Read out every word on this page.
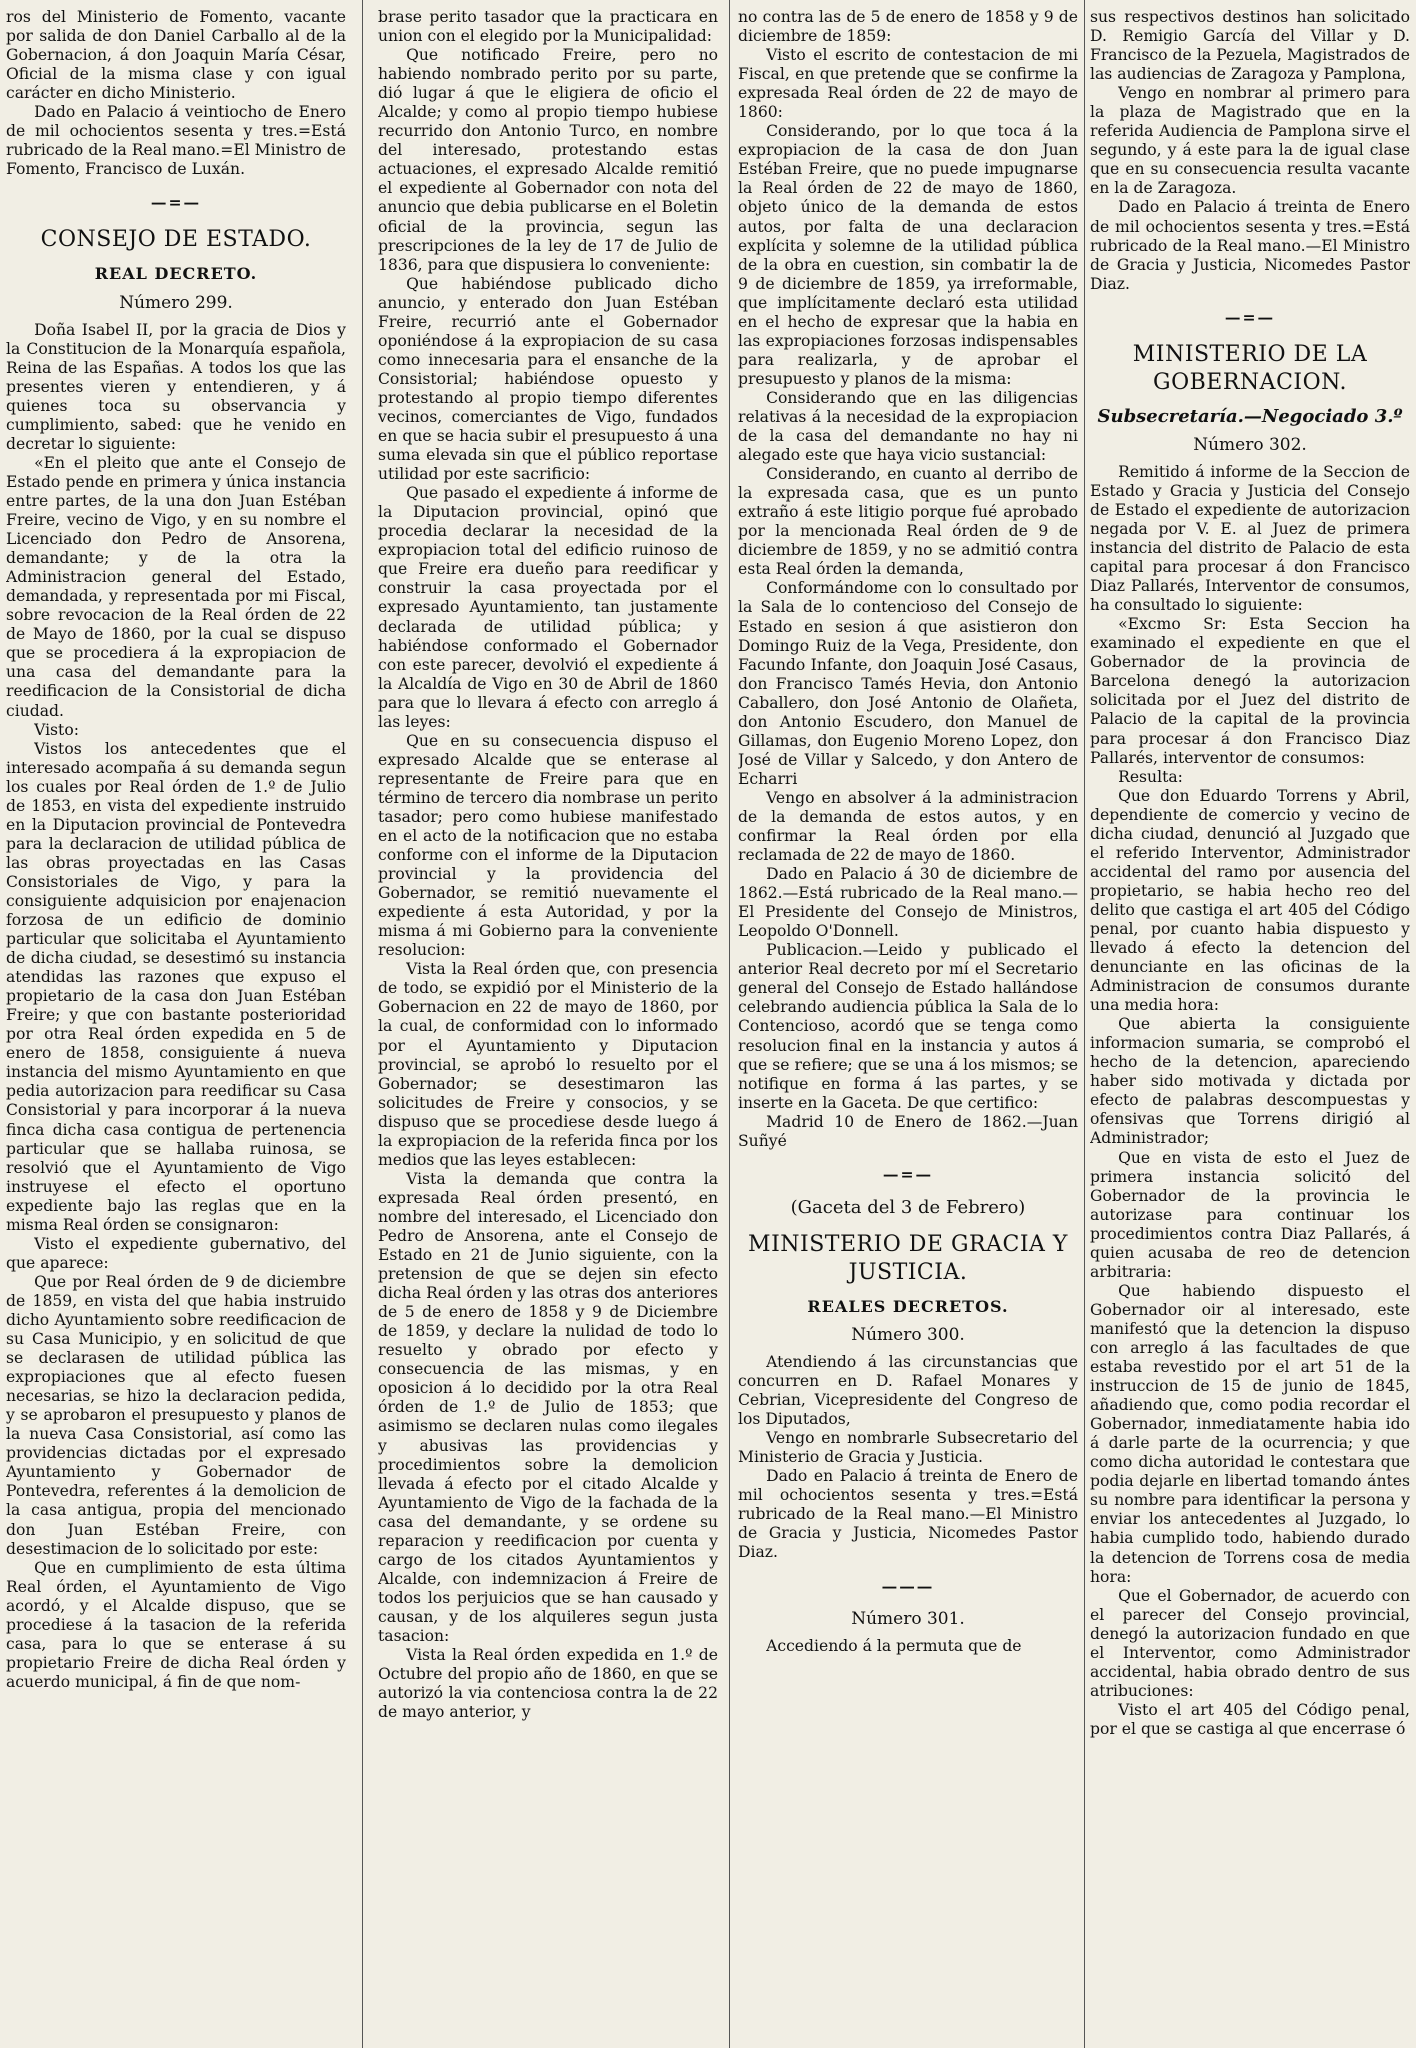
ros del Ministerio de Fomento, vacante por salida de don Daniel Carballo al de la Gobernacion, á don Joaquin María César, Oficial de la misma clase y con igual carácter en dicho Ministerio.

Dado en Palacio á veintiocho de Enero de mil ochocientos sesenta y tres.=Está rubricado de la Real mano.=El Ministro de Fomento, Francisco de Luxán.

—=—
CONSEJO DE ESTADO.
REAL DECRETO.
Número 299.

Doña Isabel II, por la gracia de Dios y la Constitucion de la Monarquía española, Reina de las Españas. A todos los que las presentes vieren y entendieren, y á quienes toca su observancia y cumplimiento, sabed: que he venido en decretar lo siguiente:

«En el pleito que ante el Consejo de Estado pende en primera y única instancia entre partes, de la una don Juan Estéban Freire, vecino de Vigo, y en su nombre el Licenciado don Pedro de Ansorena, demandante; y de la otra la Administracion general del Estado, demandada, y representada por mi Fiscal, sobre revocacion de la Real órden de 22 de Mayo de 1860, por la cual se dispuso que se procediera á la expropiacion de una casa del demandante para la reedificacion de la Consistorial de dicha ciudad.

Visto:

Vistos los antecedentes que el interesado acompaña á su demanda segun los cuales por Real órden de 1.º de Julio de 1853, en vista del expediente instruido en la Diputacion provincial de Pontevedra para la declaracion de utilidad pública de las obras proyectadas en las Casas Consistoriales de Vigo, y para la consiguiente adquisicion por enajenacion forzosa de un edificio de dominio particular que solicitaba el Ayuntamiento de dicha ciudad, se desestimó su instancia atendidas las razones que expuso el propietario de la casa don Juan Estéban Freire; y que con bastante posterioridad por otra Real órden expedida en 5 de enero de 1858, consiguiente á nueva instancia del mismo Ayuntamiento en que pedia autorizacion para reedificar su Casa Consistorial y para incorporar á la nueva finca dicha casa contigua de pertenencia particular que se hallaba ruinosa, se resolvió que el Ayuntamiento de Vigo instruyese el efecto el oportuno expediente bajo las reglas que en la misma Real órden se consignaron:

Visto el expediente gubernativo, del que aparece:

Que por Real órden de 9 de diciembre de 1859, en vista del que habia instruido dicho Ayuntamiento sobre reedificacion de su Casa Municipio, y en solicitud de que se declarasen de utilidad pública las expropiaciones que al efecto fuesen necesarias, se hizo la declaracion pedida, y se aprobaron el presupuesto y planos de la nueva Casa Consistorial, así como las providencias dictadas por el expresado Ayuntamiento y Gobernador de Pontevedra, referentes á la demolicion de la casa antigua, propia del mencionado don Juan Estéban Freire, con desestimacion de lo solicitado por este:

Que en cumplimiento de esta última Real órden, el Ayuntamiento de Vigo acordó, y el Alcalde dispuso, que se procediese á la tasacion de la referida casa, para lo que se enterase á su propietario Freire de dicha Real órden y acuerdo municipal, á fin de que nom-

brase perito tasador que la practicara en union con el elegido por la Municipalidad:

Que notificado Freire, pero no habiendo nombrado perito por su parte, dió lugar á que le eligiera de oficio el Alcalde; y como al propio tiempo hubiese recurrido don Antonio Turco, en nombre del interesado, protestando estas actuaciones, el expresado Alcalde remitió el expediente al Gobernador con nota del anuncio que debia publicarse en el Boletin oficial de la provincia, segun las prescripciones de la ley de 17 de Julio de 1836, para que dispusiera lo conveniente:

Que habiéndose publicado dicho anuncio, y enterado don Juan Estéban Freire, recurrió ante el Gobernador oponiéndose á la expropiacion de su casa como innecesaria para el ensanche de la Consistorial; habiéndose opuesto y protestando al propio tiempo diferentes vecinos, comerciantes de Vigo, fundados en que se hacia subir el presupuesto á una suma elevada sin que el público reportase utilidad por este sacrificio:

Que pasado el expediente á informe de la Diputacion provincial, opinó que procedia declarar la necesidad de la expropiacion total del edificio ruinoso de que Freire era dueño para reedificar y construir la casa proyectada por el expresado Ayuntamiento, tan justamente declarada de utilidad pública; y habiéndose conformado el Gobernador con este parecer, devolvió el expediente á la Alcaldía de Vigo en 30 de Abril de 1860 para que lo llevara á efecto con arreglo á las leyes:

Que en su consecuencia dispuso el expresado Alcalde que se enterase al representante de Freire para que en término de tercero dia nombrase un perito tasador; pero como hubiese manifestado en el acto de la notificacion que no estaba conforme con el informe de la Diputacion provincial y la providencia del Gobernador, se remitió nuevamente el expediente á esta Autoridad, y por la misma á mi Gobierno para la conveniente resolucion:

Vista la Real órden que, con presencia de todo, se expidió por el Ministerio de la Gobernacion en 22 de mayo de 1860, por la cual, de conformidad con lo informado por el Ayuntamiento y Diputacion provincial, se aprobó lo resuelto por el Gobernador; se desestimaron las solicitudes de Freire y consocios, y se dispuso que se procediese desde luego á la expropiacion de la referida finca por los medios que las leyes establecen:

Vista la demanda que contra la expresada Real órden presentó, en nombre del interesado, el Licenciado don Pedro de Ansorena, ante el Consejo de Estado en 21 de Junio siguiente, con la pretension de que se dejen sin efecto dicha Real órden y las otras dos anteriores de 5 de enero de 1858 y 9 de Diciembre de 1859, y declare la nulidad de todo lo resuelto y obrado por efecto y consecuencia de las mismas, y en oposicion á lo decidido por la otra Real órden de 1.º de Julio de 1853; que asimismo se declaren nulas como ilegales y abusivas las providencias y procedimientos sobre la demolicion llevada á efecto por el citado Alcalde y Ayuntamiento de Vigo de la fachada de la casa del demandante, y se ordene su reparacion y reedificacion por cuenta y cargo de los citados Ayuntamientos y Alcalde, con indemnizacion á Freire de todos los perjuicios que se han causado y causan, y de los alquileres segun justa tasacion:

Vista la Real órden expedida en 1.º de Octubre del propio año de 1860, en que se autorizó la via contenciosa contra la de 22 de mayo anterior, y

no contra las de 5 de enero de 1858 y 9 de diciembre de 1859:

Visto el escrito de contestacion de mi Fiscal, en que pretende que se confirme la expresada Real órden de 22 de mayo de 1860:

Considerando, por lo que toca á la expropiacion de la casa de don Juan Estéban Freire, que no puede impugnarse la Real órden de 22 de mayo de 1860, objeto único de la demanda de estos autos, por falta de una declaracion explícita y solemne de la utilidad pública de la obra en cuestion, sin combatir la de 9 de diciembre de 1859, ya irreformable, que implícitamente declaró esta utilidad en el hecho de expresar que la habia en las expropiaciones forzosas indispensables para realizarla, y de aprobar el presupuesto y planos de la misma:

Considerando que en las diligencias relativas á la necesidad de la expropiacion de la casa del demandante no hay ni alegado este que haya vicio sustancial:

Considerando, en cuanto al derribo de la expresada casa, que es un punto extraño á este litigio porque fué aprobado por la mencionada Real órden de 9 de diciembre de 1859, y no se admitió contra esta Real órden la demanda,

Conformándome con lo consultado por la Sala de lo contencioso del Consejo de Estado en sesion á que asistieron don Domingo Ruiz de la Vega, Presidente, don Facundo Infante, don Joaquin José Casaus, don Francisco Tamés Hevia, don Antonio Caballero, don José Antonio de Olañeta, don Antonio Escudero, don Manuel de Gillamas, don Eugenio Moreno Lopez, don José de Villar y Salcedo, y don Antero de Echarri

Vengo en absolver á la administracion de la demanda de estos autos, y en confirmar la Real órden por ella reclamada de 22 de mayo de 1860.

Dado en Palacio á 30 de diciembre de 1862.—Está rubricado de la Real mano.—El Presidente del Consejo de Ministros, Leopoldo O'Donnell.

Publicacion.—Leido y publicado el anterior Real decreto por mí el Secretario general del Consejo de Estado hallándose celebrando audiencia pública la Sala de lo Contencioso, acordó que se tenga como resolucion final en la instancia y autos á que se refiere; que se una á los mismos; se notifique en forma á las partes, y se inserte en la Gaceta. De que certifico:

Madrid 10 de Enero de 1862.—Juan Suñyé

—=—
(Gaceta del 3 de Febrero)
MINISTERIO DE GRACIA Y JUSTICIA.
REALES DECRETOS.
Número 300.

Atendiendo á las circunstancias que concurren en D. Rafael Monares y Cebrian, Vicepresidente del Congreso de los Diputados,

Vengo en nombrarle Subsecretario del Ministerio de Gracia y Justicia.

Dado en Palacio á treinta de Enero de mil ochocientos sesenta y tres.=Está rubricado de la Real mano.—El Ministro de Gracia y Justicia, Nicomedes Pastor Diaz.

———
Número 301.

Accediendo á la permuta que de

sus respectivos destinos han solicitado D. Remigio García del Villar y D. Francisco de la Pezuela, Magistrados de las audiencias de Zaragoza y Pamplona,

Vengo en nombrar al primero para la plaza de Magistrado que en la referida Audiencia de Pamplona sirve el segundo, y á este para la de igual clase que en su consecuencia resulta vacante en la de Zaragoza.

Dado en Palacio á treinta de Enero de mil ochocientos sesenta y tres.=Está rubricado de la Real mano.—El Ministro de Gracia y Justicia, Nicomedes Pastor Diaz.

—=—
MINISTERIO DE LA GOBERNACION.
Subsecretaría.—Negociado 3.º
Número 302.

Remitido á informe de la Seccion de Estado y Gracia y Justicia del Consejo de Estado el expediente de autorizacion negada por V. E. al Juez de primera instancia del distrito de Palacio de esta capital para procesar á don Francisco Diaz Pallarés, Interventor de consumos, ha consultado lo siguiente:

«Excmo Sr: Esta Seccion ha examinado el expediente en que el Gobernador de la provincia de Barcelona denegó la autorizacion solicitada por el Juez del distrito de Palacio de la capital de la provincia para procesar á don Francisco Diaz Pallarés, interventor de consumos:

Resulta:

Que don Eduardo Torrens y Abril, dependiente de comercio y vecino de dicha ciudad, denunció al Juzgado que el referido Interventor, Administrador accidental del ramo por ausencia del propietario, se habia hecho reo del delito que castiga el art 405 del Código penal, por cuanto habia dispuesto y llevado á efecto la detencion del denunciante en las oficinas de la Administracion de consumos durante una media hora:

Que abierta la consiguiente informacion sumaria, se comprobó el hecho de la detencion, apareciendo haber sido motivada y dictada por efecto de palabras descompuestas y ofensivas que Torrens dirigió al Administrador;

Que en vista de esto el Juez de primera instancia solicitó del Gobernador de la provincia le autorizase para continuar los procedimientos contra Diaz Pallarés, á quien acusaba de reo de detencion arbitraria:

Que habiendo dispuesto el Gobernador oir al interesado, este manifestó que la detencion la dispuso con arreglo á las facultades de que estaba revestido por el art 51 de la instruccion de 15 de junio de 1845, añadiendo que, como podia recordar el Gobernador, inmediatamente habia ido á darle parte de la ocurrencia; y que como dicha autoridad le contestara que podia dejarle en libertad tomando ántes su nombre para identificar la persona y enviar los antecedentes al Juzgado, lo habia cumplido todo, habiendo durado la detencion de Torrens cosa de media hora:

Que el Gobernador, de acuerdo con el parecer del Consejo provincial, denegó la autorizacion fundado en que el Interventor, como Administrador accidental, habia obrado dentro de sus atribuciones:

Visto el art 405 del Código penal, por el que se castiga al que encerrase ó
